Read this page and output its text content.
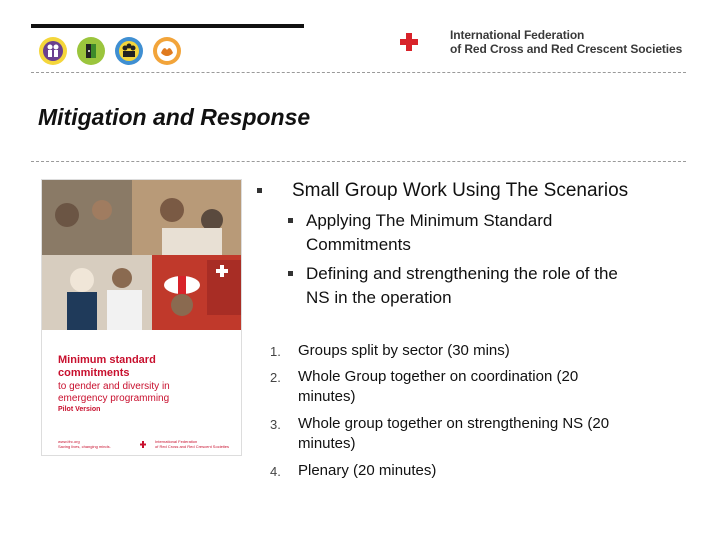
International Federation
of Red Cross and Red Crescent Societies
Mitigation and Response
Minimum standard
commitments
to gender and diversity in
emergency programming
Pilot Version
www.ifrc.org
Saving lives, changing minds.
International Federation
of Red Cross and Red Crescent Societies
Small Group Work Using The Scenarios
Applying The Minimum Standard
Commitments
Defining and strengthening the role of the
NS in the operation
1.	Groups split by sector (30 mins)
2.	Whole Group together on coordination (20
minutes)
3.	Whole group together on strengthening NS (20
minutes)
4.	Plenary (20 minutes)
